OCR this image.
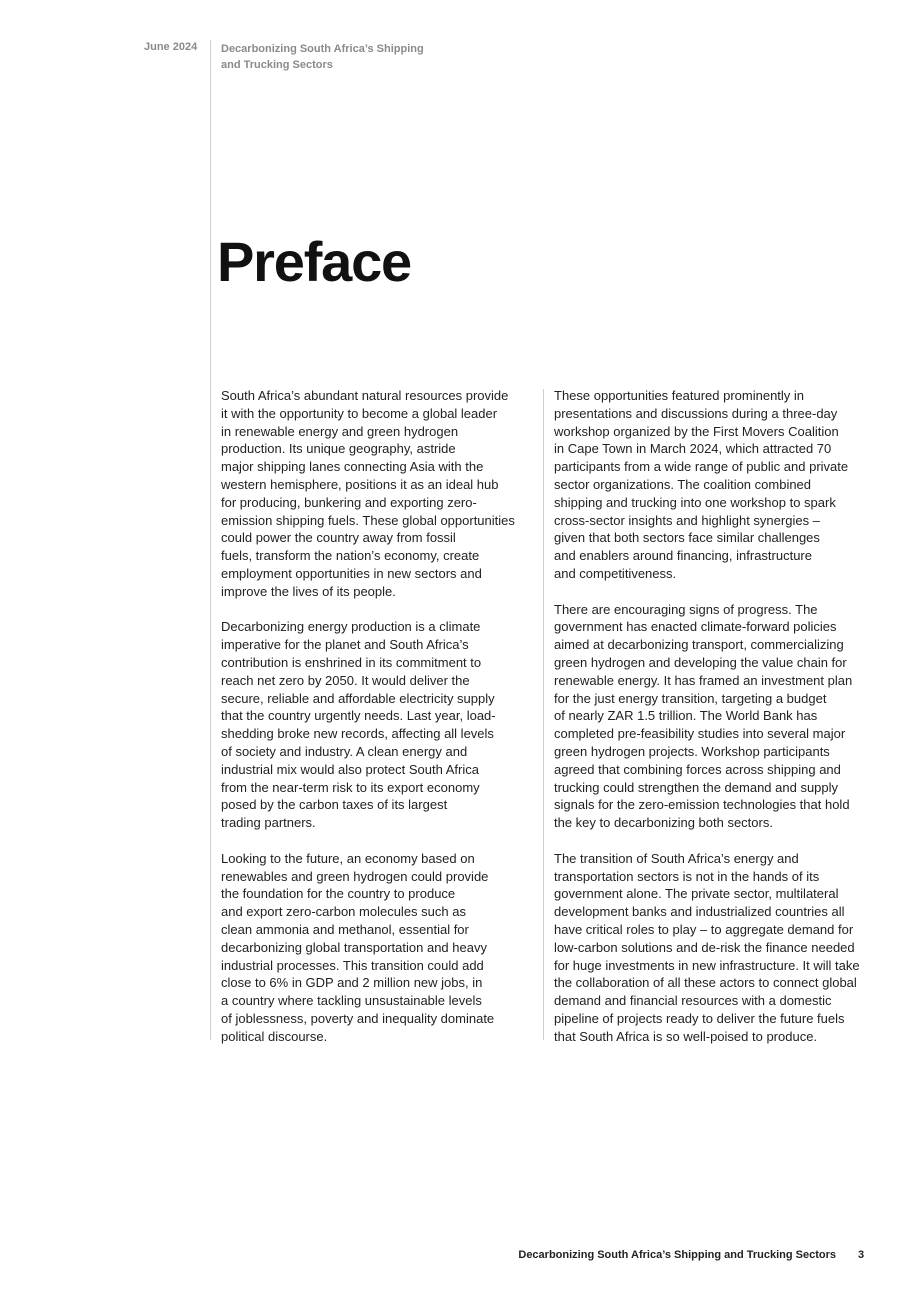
June 2024 Decarbonizing South Africa’s Shipping
and Trucking Sectors
Preface

South Africa’s abundant natural resources provide
it with the opportunity to become a global leader
in renewable energy and green hydrogen
production. Its unique geography, astride
major shipping lanes connecting Asia with the
western hemisphere, positions it as an ideal hub
for producing, bunkering and exporting zero-
emission shipping fuels. These global opportunities
could power the country away from fossil
fuels, transform the nation’s economy, create
employment opportunities in new sectors and
improve the lives of its people.

Decarbonizing energy production is a climate
imperative for the planet and South Africa’s
contribution is enshrined in its commitment to
reach net zero by 2050. It would deliver the
secure, reliable and affordable electricity supply
that the country urgently needs. Last year, load-
shedding broke new records, affecting all levels
of society and industry. A clean energy and
industrial mix would also protect South Africa
from the near-term risk to its export economy
posed by the carbon taxes of its largest
trading partners.

Looking to the future, an economy based on
renewables and green hydrogen could provide
the foundation for the country to produce
and export zero-carbon molecules such as
clean ammonia and methanol, essential for
decarbonizing global transportation and heavy
industrial processes. This transition could add
close to 6% in GDP and 2 million new jobs, in
a country where tackling unsustainable levels
of joblessness, poverty and inequality dominate
political discourse.

These opportunities featured prominently in
presentations and discussions during a three-day
workshop organized by the First Movers Coalition
in Cape Town in March 2024, which attracted 70
participants from a wide range of public and private
sector organizations. The coalition combined
shipping and trucking into one workshop to spark
cross-sector insights and highlight synergies –
given that both sectors face similar challenges
and enablers around financing, infrastructure
and competitiveness.

There are encouraging signs of progress. The
government has enacted climate-forward policies
aimed at decarbonizing transport, commercializing
green hydrogen and developing the value chain for
renewable energy. It has framed an investment plan
for the just energy transition, targeting a budget
of nearly ZAR 1.5 trillion. The World Bank has
completed pre-feasibility studies into several major
green hydrogen projects. Workshop participants
agreed that combining forces across shipping and
trucking could strengthen the demand and supply
signals for the zero-emission technologies that hold
the key to decarbonizing both sectors.

The transition of South Africa’s energy and
transportation sectors is not in the hands of its
government alone. The private sector, multilateral
development banks and industrialized countries all
have critical roles to play – to aggregate demand for
low-carbon solutions and de-risk the finance needed
for huge investments in new infrastructure. It will take
the collaboration of all these actors to connect global
demand and financial resources with a domestic
pipeline of projects ready to deliver the future fuels
that South Africa is so well-poised to produce.

Decarbonizing South Africa’s Shipping and Trucking Sectors 3
